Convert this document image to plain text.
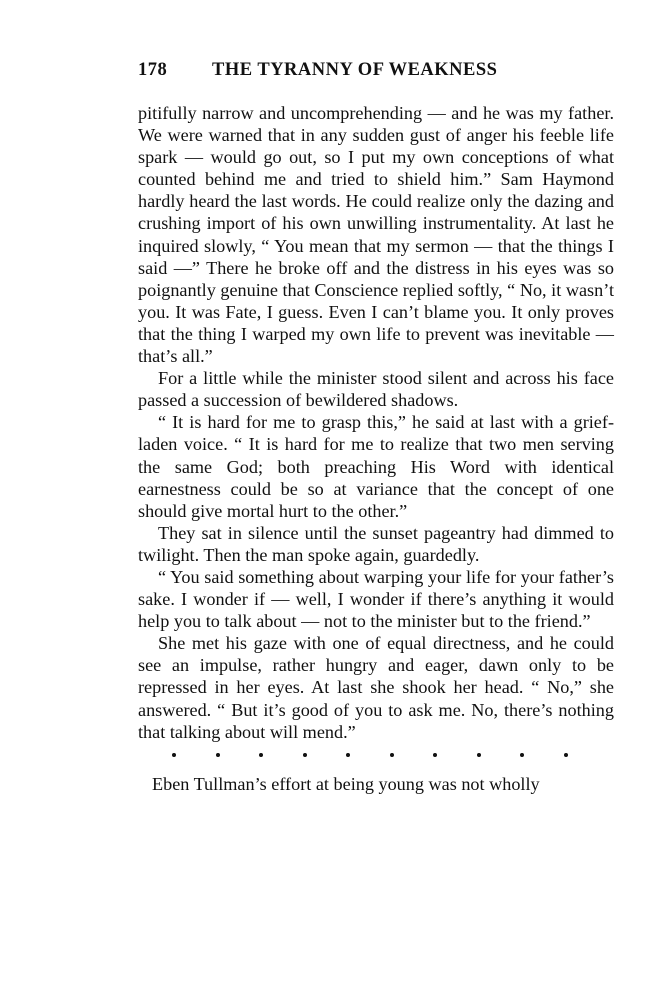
178 THE TYRANNY OF WEAKNESS

pitifully narrow and uncomprehending — and he was my father. We were warned that in any sudden gust of anger his feeble life spark — would go out, so I put my own conceptions of what counted behind me and tried to shield him.” Sam Haymond hardly heard the last words. He could realize only the dazing and crushing import of his own unwilling instrumentality. At last he inquired slowly, “ You mean that my sermon — that the things I said —” There he broke off and the distress in his eyes was so poignantly genuine that Conscience replied softly, “ No, it wasn’t you. It was Fate, I guess. Even I can’t blame you. It only proves that the thing I warped my own life to prevent was inevitable — that’s all.”

For a little while the minister stood silent and across his face passed a succession of bewildered shadows.

“ It is hard for me to grasp this,” he said at last with a grief-laden voice. “ It is hard for me to realize that two men serving the same God; both preaching His Word with identical earnestness could be so at variance that the concept of one should give mortal hurt to the other.”

They sat in silence until the sunset pageantry had dimmed to twilight. Then the man spoke again, guardedly.

“ You said something about warping your life for your father’s sake. I wonder if — well, I wonder if there’s anything it would help you to talk about — not to the minister but to the friend.”

She met his gaze with one of equal directness, and he could see an impulse, rather hungry and eager, dawn only to be repressed in her eyes. At last she shook her head. “ No,” she answered. “ But it’s good of you to ask me. No, there’s nothing that talking about will mend.”

Eben Tullman’s effort at being young was not wholly
